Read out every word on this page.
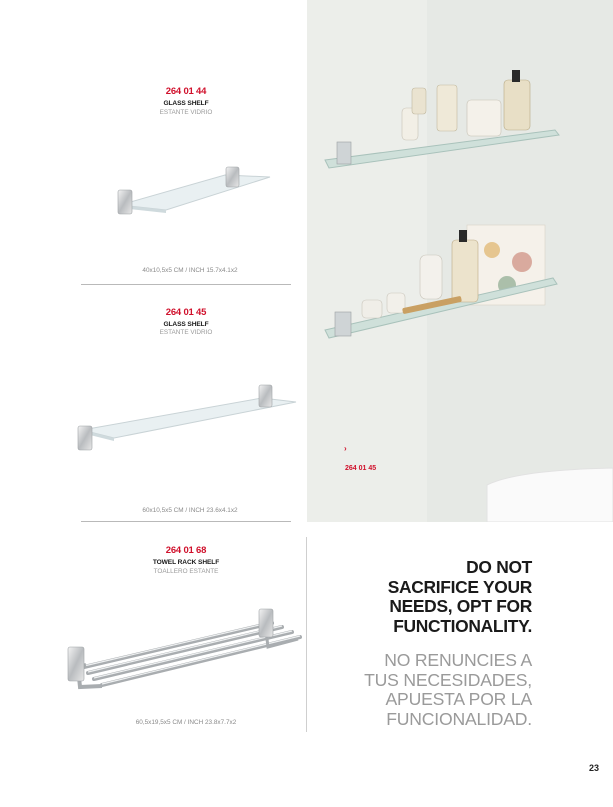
264 01 44
GLASS SHELF
ESTANTE VIDRIO
40x10,5x5 CM / INCH 15.7x4.1x2
264 01 45
GLASS SHELF
ESTANTE VIDRIO
60x10,5x5 CM / INCH 23.6x4.1x2
264 01 68
TOWEL RACK SHELF
TOALLERO ESTANTE
60,5x19,5x5 CM / INCH 23.8x7.7x2
›
264 01 45
DO NOT
SACRIFICE YOUR
NEEDS, OPT FOR
FUNCTIONALITY.
NO RENUNCIES A
TUS NECESIDADES,
APUESTA POR LA
FUNCIONALIDAD.
23
